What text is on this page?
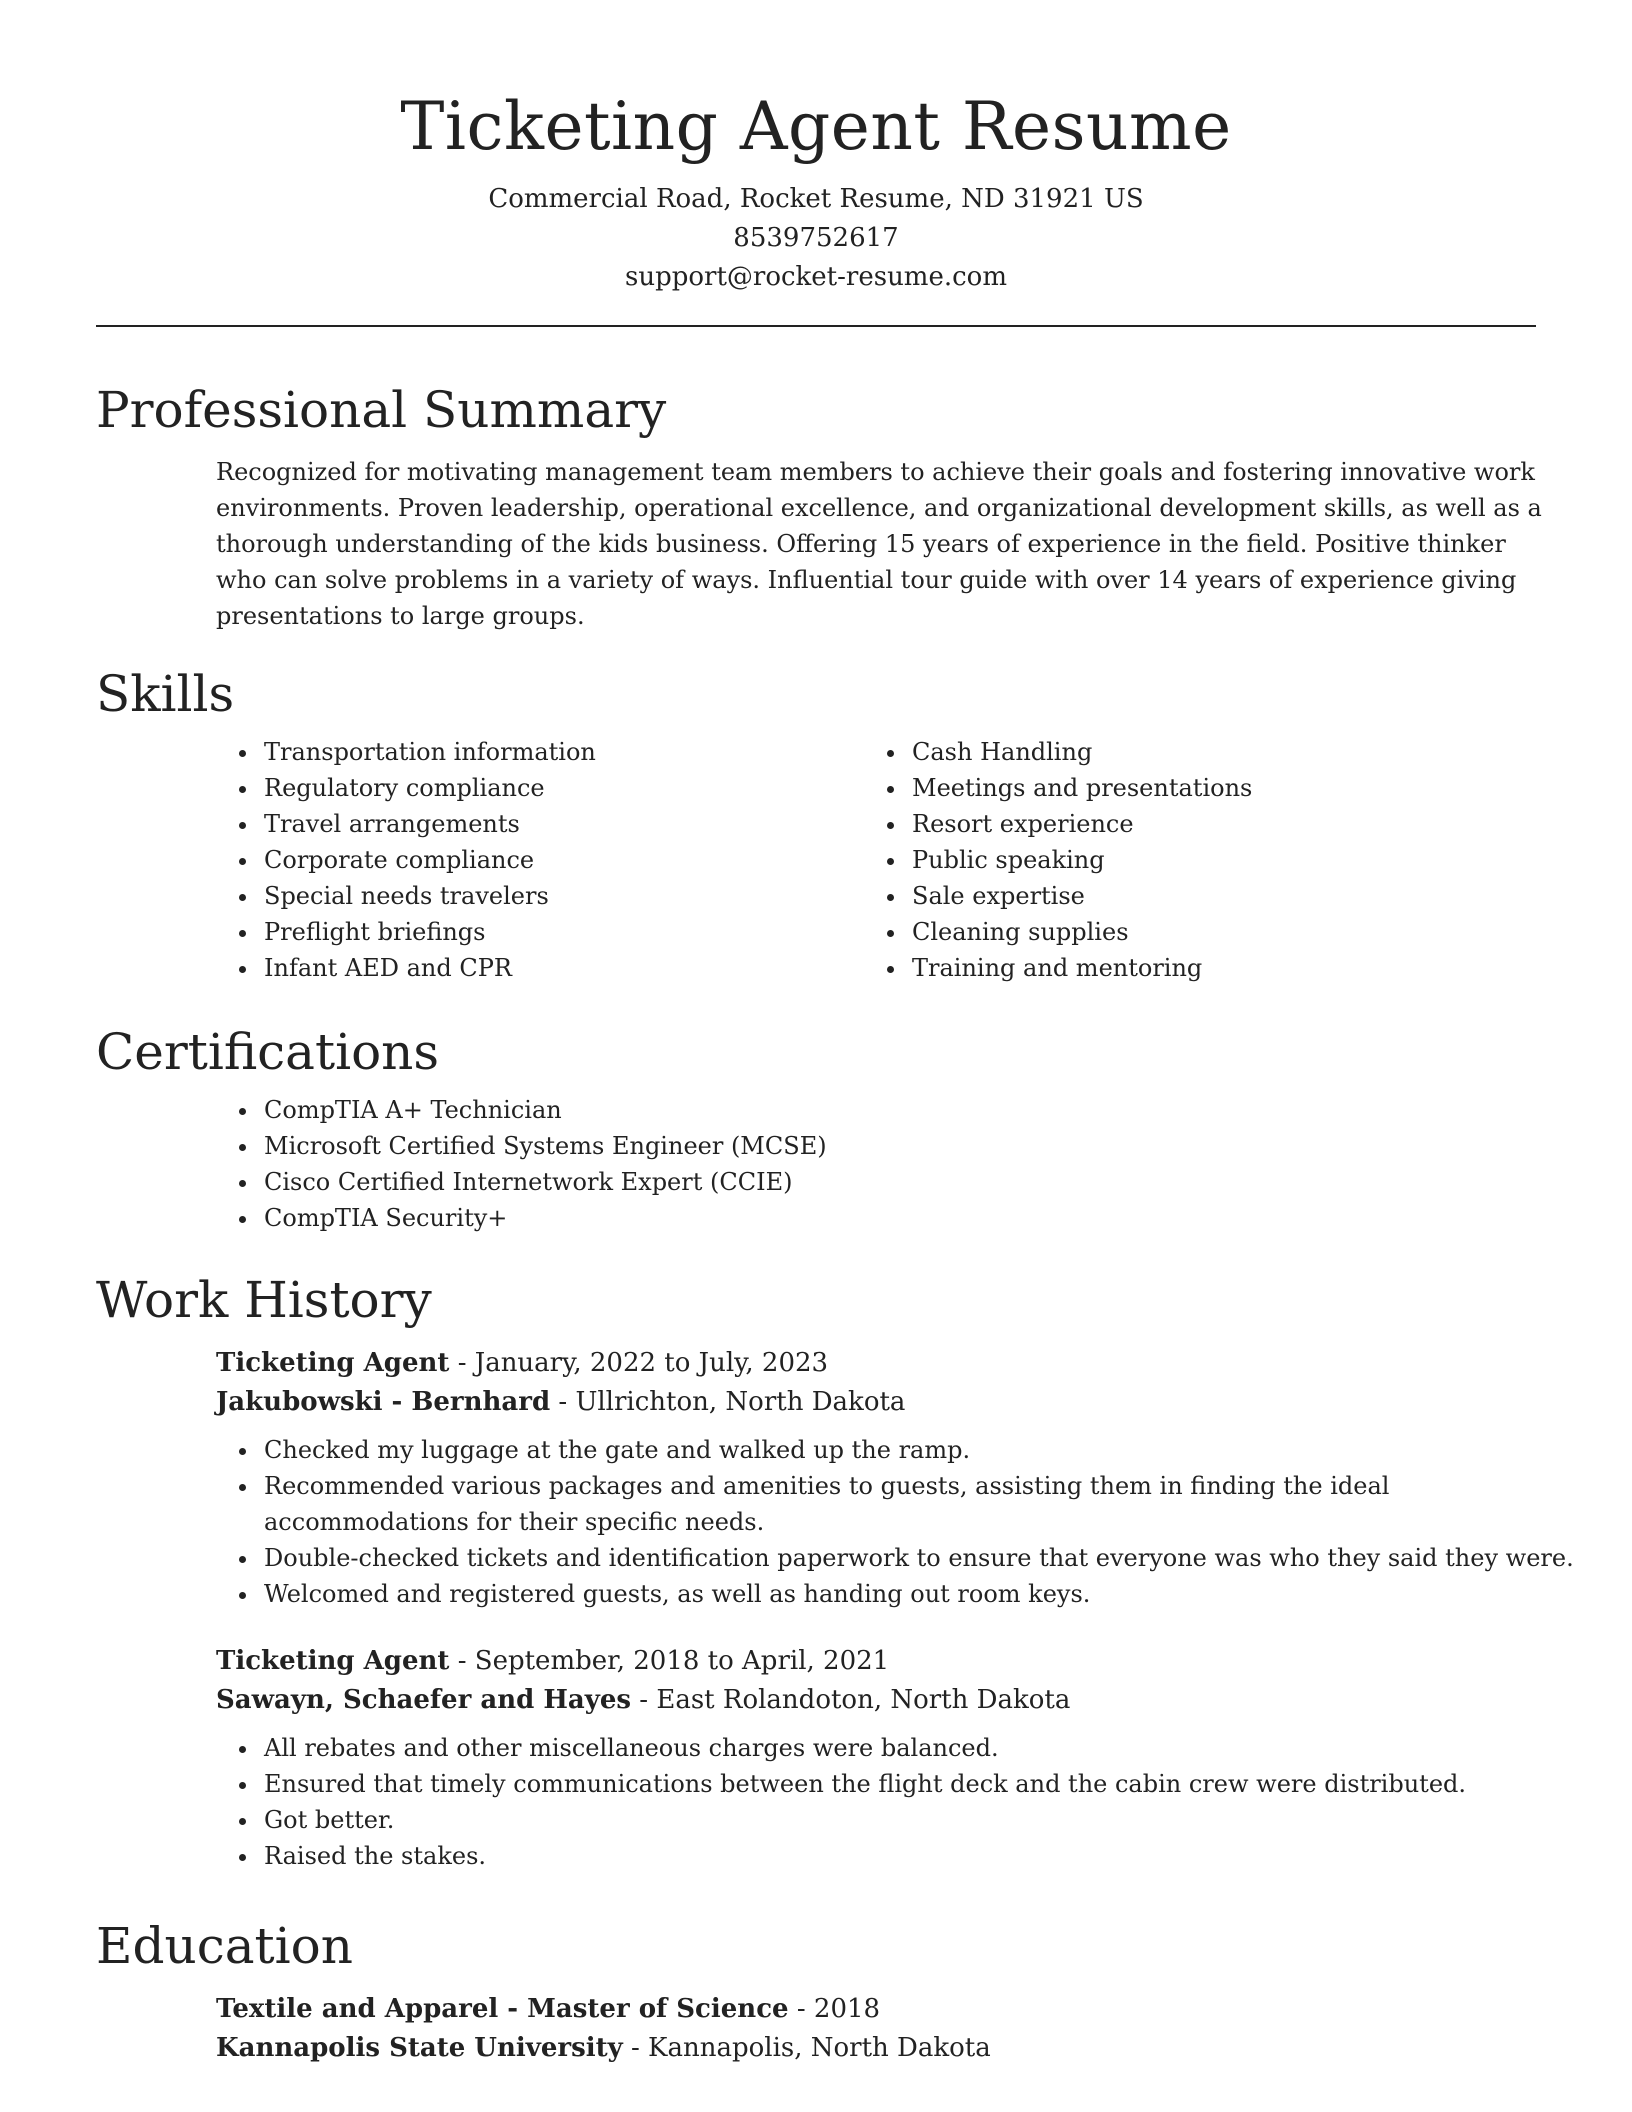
Ticketing Agent Resume
Commercial Road, Rocket Resume, ND 31921 US
8539752617
support@rocket-resume.com
Professional Summary
Recognized for motivating management team members to achieve their goals and fostering innovative work environments. Proven leadership, operational excellence, and organizational development skills, as well as a thorough understanding of the kids business. Offering 15 years of experience in the field. Positive thinker who can solve problems in a variety of ways. Influential tour guide with over 14 years of experience giving presentations to large groups.
Skills
• Transportation information
• Regulatory compliance
• Travel arrangements
• Corporate compliance
• Special needs travelers
• Preflight briefings
• Infant AED and CPR
• Cash Handling
• Meetings and presentations
• Resort experience
• Public speaking
• Sale expertise
• Cleaning supplies
• Training and mentoring
Certifications
• CompTIA A+ Technician
• Microsoft Certified Systems Engineer (MCSE)
• Cisco Certified Internetwork Expert (CCIE)
• CompTIA Security+
Work History
Ticketing Agent - January, 2022 to July, 2023
Jakubowski - Bernhard - Ullrichton, North Dakota
• Checked my luggage at the gate and walked up the ramp.
• Recommended various packages and amenities to guests, assisting them in finding the ideal accommodations for their specific needs.
• Double-checked tickets and identification paperwork to ensure that everyone was who they said they were.
• Welcomed and registered guests, as well as handing out room keys.
Ticketing Agent - September, 2018 to April, 2021
Sawayn, Schaefer and Hayes - East Rolandoton, North Dakota
• All rebates and other miscellaneous charges were balanced.
• Ensured that timely communications between the flight deck and the cabin crew were distributed.
• Got better.
• Raised the stakes.
Education
Textile and Apparel - Master of Science - 2018
Kannapolis State University - Kannapolis, North Dakota
